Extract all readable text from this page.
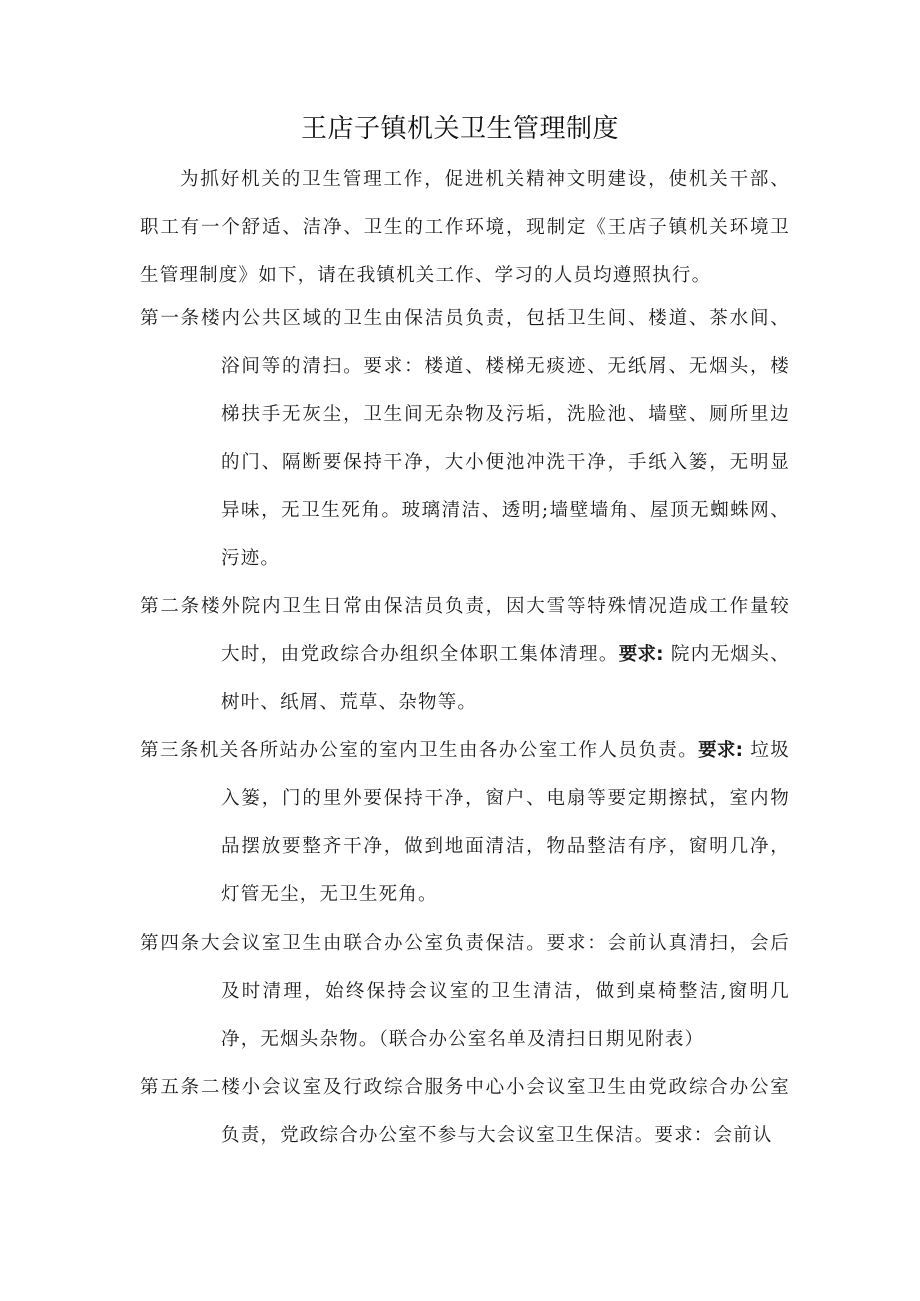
王店子镇机关卫生管理制度

为抓好机关的卫生管理工作，促进机关精神文明建设，使机关干部、职工有一个舒适、洁净、卫生的工作环境，现制定《王店子镇机关环境卫生管理制度》如下，请在我镇机关工作、学习的人员均遵照执行。

第一条楼内公共区域的卫生由保洁员负责，包括卫生间、楼道、茶水间、浴间等的清扫。要求：楼道、楼梯无痰迹、无纸屑、无烟头，楼梯扶手无灰尘，卫生间无杂物及污垢，洗脸池、墙壁、厕所里边的门、隔断要保持干净，大小便池冲洗干净，手纸入篓，无明显异味，无卫生死角。玻璃清洁、透明;墙壁墙角、屋顶无蜘蛛网、污迹。

第二条楼外院内卫生日常由保洁员负责，因大雪等特殊情况造成工作量较大时，由党政综合办组织全体职工集体清理。要求: 院内无烟头、树叶、纸屑、荒草、杂物等。

第三条机关各所站办公室的室内卫生由各办公室工作人员负责。要求: 垃圾入篓，门的里外要保持干净，窗户、电扇等要定期擦拭，室内物品摆放要整齐干净，做到地面清洁，物品整洁有序，窗明几净，灯管无尘，无卫生死角。

第四条大会议室卫生由联合办公室负责保洁。要求：会前认真清扫，会后及时清理，始终保持会议室的卫生清洁，做到桌椅整洁,窗明几净，无烟头杂物。（联合办公室名单及清扫日期见附表）

第五条二楼小会议室及行政综合服务中心小会议室卫生由党政综合办公室负责，党政综合办公室不参与大会议室卫生保洁。要求：会前认
